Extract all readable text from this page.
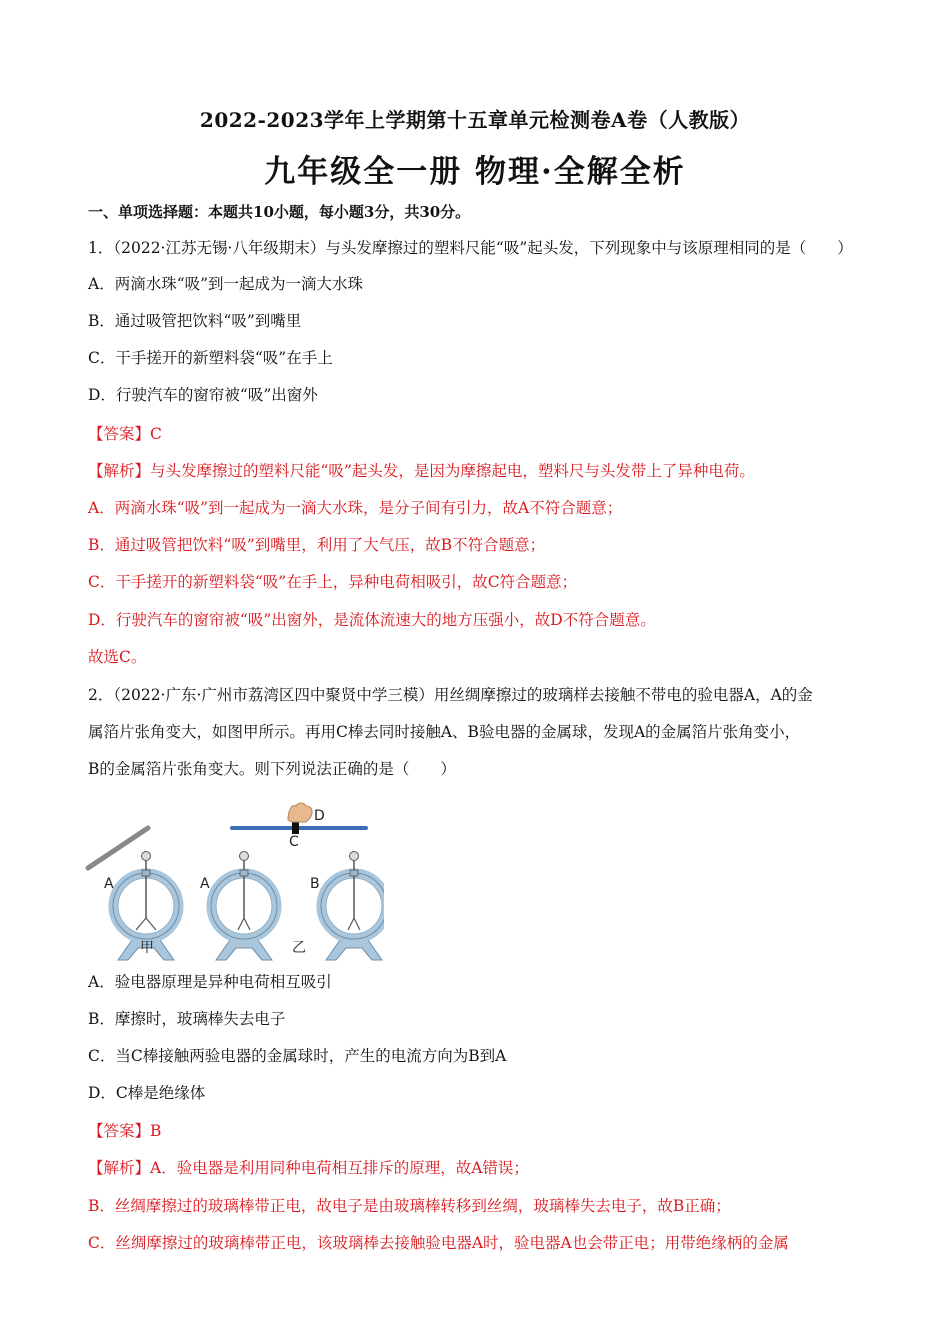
2022-2023学年上学期第十五章单元检测卷A卷（人教版）
九年级全一册 物理·全解全析
一、单项选择题：本题共10小题，每小题3分，共30分。
1．（2022·江苏无锡·八年级期末）与头发摩擦过的塑料尺能“吸”起头发，下列现象中与该原理相同的是（　　）
A．两滴水珠“吸”到一起成为一滴大水珠
B．通过吸管把饮料“吸”到嘴里
C．干手搓开的新塑料袋“吸”在手上
D．行驶汽车的窗帘被“吸”出窗外
【答案】C
【解析】与头发摩擦过的塑料尺能“吸”起头发，是因为摩擦起电，塑料尺与头发带上了异种电荷。
A．两滴水珠“吸”到一起成为一滴大水珠，是分子间有引力，故A不符合题意；
B．通过吸管把饮料“吸”到嘴里，利用了大气压，故B不符合题意；
C．干手搓开的新塑料袋“吸”在手上，异种电荷相吸引，故C符合题意；
D．行驶汽车的窗帘被“吸”出窗外，是流体流速大的地方压强小，故D不符合题意。
故选C。
2．（2022·广东·广州市荔湾区四中聚贤中学三模）用丝绸摩擦过的玻璃样去接触不带电的验电器A，A的金
属箔片张角变大，如图甲所示。再用C棒去同时接触A、B验电器的金属球，发现A的金属箔片张角变小，
B的金属箔片张角变大。则下列说法正确的是（　　）
A	A	B
C
D
甲	乙
A．验电器原理是异种电荷相互吸引
B．摩擦时，玻璃棒失去电子
C．当C棒接触两验电器的金属球时，产生的电流方向为B到A
D．C棒是绝缘体
【答案】B
【解析】A．验电器是利用同种电荷相互排斥的原理，故A错误；
B．丝绸摩擦过的玻璃棒带正电，故电子是由玻璃棒转移到丝绸，玻璃棒失去电子，故B正确；
C．丝绸摩擦过的玻璃棒带正电，该玻璃棒去接触验电器A时，验电器A也会带正电；用带绝缘柄的金属
